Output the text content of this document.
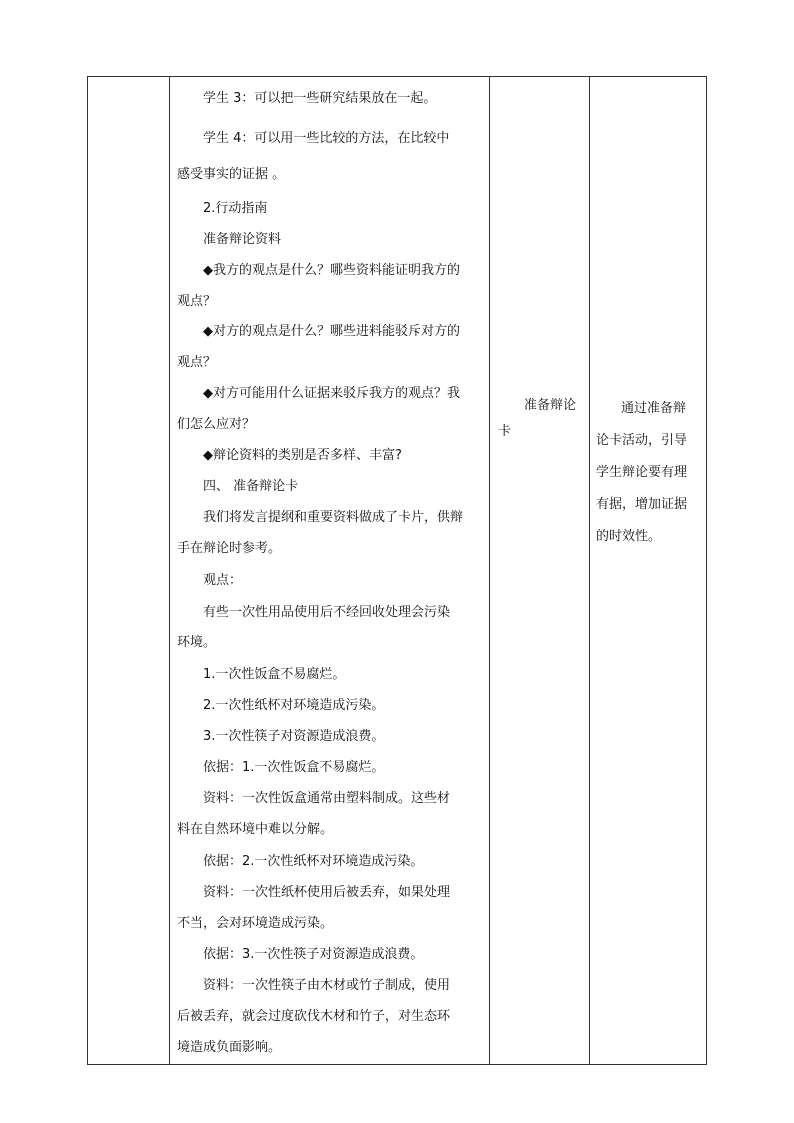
学生 3：可以把一些研究结果放在一起。
学生 4：可以用一些比较的方法，在比较中
感受事实的证据 。
2.行动指南
准备辩论资料
◆我方的观点是什么？哪些资料能证明我方的
观点？
◆对方的观点是什么？哪些进料能驳斥对方的
观点？
◆对方可能用什么证据来驳斥我方的观点？我
们怎么应对？
◆辩论资料的类别是否多样、丰富?
四、 准备辩论卡
我们将发言提纲和重要资料做成了卡片，供辩
手在辩论时参考。
观点：
有些一次性用品使用后不经回收处理会污染
环境。
1.一次性饭盒不易腐烂。
2.一次性纸杯对环境造成污染。
3.一次性筷子对资源造成浪费。
依据：1.一次性饭盒不易腐烂。
资料：一次性饭盒通常由塑料制成。这些材
料在自然环境中难以分解。
依据：2.一次性纸杯对环境造成污染。
资料：一次性纸杯使用后被丢弃，如果处理
不当，会对环境造成污染。
依据：3.一次性筷子对资源造成浪费。
资料：一次性筷子由木材或竹子制成，使用
后被丢弃，就会过度砍伐木材和竹子，对生态环
境造成负面影响。
准备辩论
卡
通过准备辩
论卡活动，引导
学生辩论要有理
有据，增加证据
的时效性。
